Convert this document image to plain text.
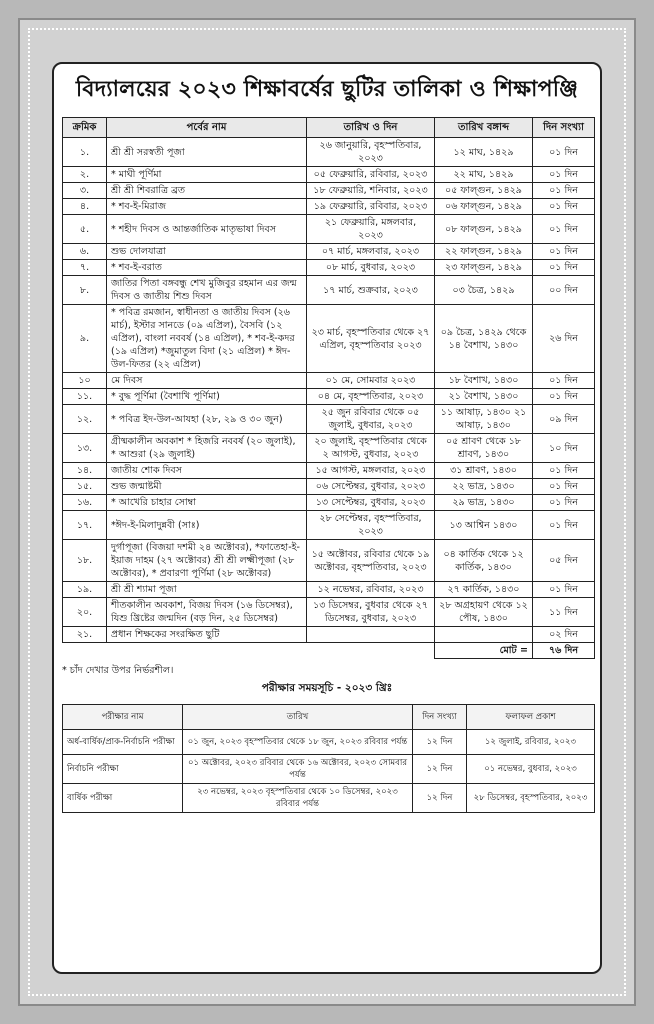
বিদ্যালয়ের ২০২৩ শিক্ষাবর্ষের ছুটির তালিকা ও শিক্ষাপঞ্জি
ক্রমিক	পর্বের নাম	তারিখ ও দিন	তারিখ বঙ্গাব্দ	দিন সংখ্যা
১.	শ্রী শ্রী সরস্বতী পূজা	২৬ জানুয়ারি, বৃহস্পতিবার, ২০২৩	১২ মাঘ, ১৪২৯	০১ দিন
২.	* মাঘী পূর্ণিমা	০৫ ফেব্রুয়ারি, রবিবার, ২০২৩	২২ মাঘ, ১৪২৯	০১ দিন
৩.	শ্রী শ্রী শিবরাত্রি ব্রত	১৮ ফেব্রুয়ারি, শনিবার, ২০২৩	০৫ ফাল্গুন, ১৪২৯	০১ দিন
৪.	* শব-ই-মিরাজ	১৯ ফেব্রুয়ারি, রবিবার, ২০২৩	০৬ ফাল্গুন, ১৪২৯	০১ দিন
৫.	* শহীদ দিবস ও আন্তর্জাতিক মাতৃভাষা দিবস	২১ ফেব্রুয়ারি, মঙ্গলবার, ২০২৩	০৮ ফাল্গুন, ১৪২৯	০১ দিন
৬.	শুভ দোলযাত্রা	০৭ মার্চ, মঙ্গলবার, ২০২৩	২২ ফাল্গুন, ১৪২৯	০১ দিন
৭.	* শব-ই-বরাত	০৮ মার্চ, বুধবার, ২০২৩	২৩ ফাল্গুন, ১৪২৯	০১ দিন
৮.	জাতির পিতা বঙ্গবন্ধু শেখ মুজিবুর রহমান এর জন্ম দিবস ও জাতীয় শিশু দিবস	১৭ মার্চ, শুক্রবার, ২০২৩	০৩ চৈত্র, ১৪২৯	০০ দিন
৯.	* পবিত্র রমজান, স্বাধীনতা ও জাতীয় দিবস (২৬ মার্চ), ইস্টার সানডে (০৯ এপ্রিল), বৈসবি (১২ এপ্রিল), বাংলা নববর্ষ (১৪ এপ্রিল), * শব-ই-কদর (১৯ এপ্রিল) *জুমাতুল বিদা (২১ এপ্রিল) * ঈদ-উল-ফিতর (২২ এপ্রিল)	২৩ মার্চ, বৃহস্পতিবার থেকে ২৭ এপ্রিল, বৃহস্পতিবার ২০২৩	০৯ চৈত্র, ১৪২৯ থেকে ১৪ বৈশাখ, ১৪৩০	২৬ দিন
১০	মে দিবস	০১ মে, সোমবার ২০২৩	১৮ বৈশাখ, ১৪৩০	০১ দিন
১১.	* বুদ্ধ পূর্ণিমা (বৈশাখি পূর্ণিমা)	০৪ মে, বৃহস্পতিবার, ২০২৩	২১ বৈশাখ, ১৪৩০	০১ দিন
১২.	* পবিত্র ইদ-উল-আযহা (২৮, ২৯ ও ৩০ জুন)	২৫ জুন রবিবার থেকে ০৫ জুলাই, বুধবার, ২০২৩	১১ আষাঢ়, ১৪৩০ ২১ আষাঢ়, ১৪৩০	০৯ দিন
১৩.	গ্রীষ্মকালীন অবকাশ * হিজরি নববর্ষ (২০ জুলাই), * আশুরা (২৯ জুলাই)	২০ জুলাই, বৃহস্পতিবার থেকে ২ আগস্ট, বুধবার, ২০২৩	০৫ শ্রাবণ থেকে ১৮ শ্রাবণ, ১৪৩০	১০ দিন
১৪.	জাতীয় শোক দিবস	১৫ আগস্ট, মঙ্গলবার, ২০২৩	৩১ শ্রাবণ, ১৪৩০	০১ দিন
১৫.	শুভ জন্মাষ্টমী	০৬ সেপ্টেম্বর, বুধবার, ২০২৩	২২ ভাদ্র, ১৪৩০	০১ দিন
১৬.	* আখেরি চাহার সোম্বা	১৩ সেপ্টেম্বর, বুধবার, ২০২৩	২৯ ভাদ্র, ১৪৩০	০১ দিন
১৭.	*ঈদ-ই-মিলাদুন্নবী (সাঃ)	২৮ সেপ্টেম্বর, বৃহস্পতিবার, ২০২৩	১৩ আশ্বিন ১৪৩০	০১ দিন
১৮.	দুর্গাপূজা (বিজয়া দশমী ২৪ অক্টোবর), *ফাতেহা-ই-ইয়াজ দাহম (২৭ অক্টোবর) শ্রী শ্রী লক্ষ্মীপূজা (২৮ অক্টোবর), * প্রবারণা পূর্ণিমা (২৮ অক্টোবর)	১৫ অক্টোবর, রবিবার থেকে ১৯ অক্টোবর, বৃহস্পতিবার, ২০২৩	০৪ কার্তিক থেকে ১২ কার্তিক, ১৪৩০	০৫ দিন
১৯.	শ্রী শ্রী শ্যামা পূজা	১২ নভেম্বর, রবিবার, ২০২৩	২৭ কার্তিক, ১৪৩০	০১ দিন
২০.	শীতকালীন অবকাশ, বিজয় দিবস (১৬ ডিসেম্বর), যিশু খ্রিষ্টের জন্মদিন (বড় দিন, ২৫ ডিসেম্বর)	১৩ ডিসেম্বর, বুধবার থেকে ২৭ ডিসেম্বর, বুধবার, ২০২৩	২৮ অগ্রহায়ণ থেকে ১২ পৌষ, ১৪৩০	১১ দিন
২১.	প্রধান শিক্ষকের সংরক্ষিত ছুটি			০২ দিন
			মোট =	৭৬ দিন
* চাঁদ দেখার উপর নির্ভরশীল।
পরীক্ষার সময়সূচি - ২০২৩ খ্রিঃ
পরীক্ষার নাম	তারিখ	দিন সংখ্যা	ফলাফল প্রকাশ
অর্ধ-বার্ষিক/প্রাক-নির্বাচনি পরীক্ষা	০১ জুন, ২০২৩ বৃহস্পতিবার থেকে ১৮ জুন, ২০২৩ রবিবার পর্যন্ত	১২ দিন	১২ জুলাই, রবিবার, ২০২৩
নির্বাচনি পরীক্ষা	০১ অক্টোবর, ২০২৩ রবিবার থেকে ১৬ অক্টোবর, ২০২৩ সোমবার পর্যন্ত	১২ দিন	০১ নভেম্বর, বুধবার, ২০২৩
বার্ষিক পরীক্ষা	২৩ নভেম্বর, ২০২৩ বৃহস্পতিবার থেকে ১০ ডিসেম্বর, ২০২৩ রবিবার পর্যন্ত	১২ দিন	২৮ ডিসেম্বর, বৃহস্পতিবার, ২০২৩
